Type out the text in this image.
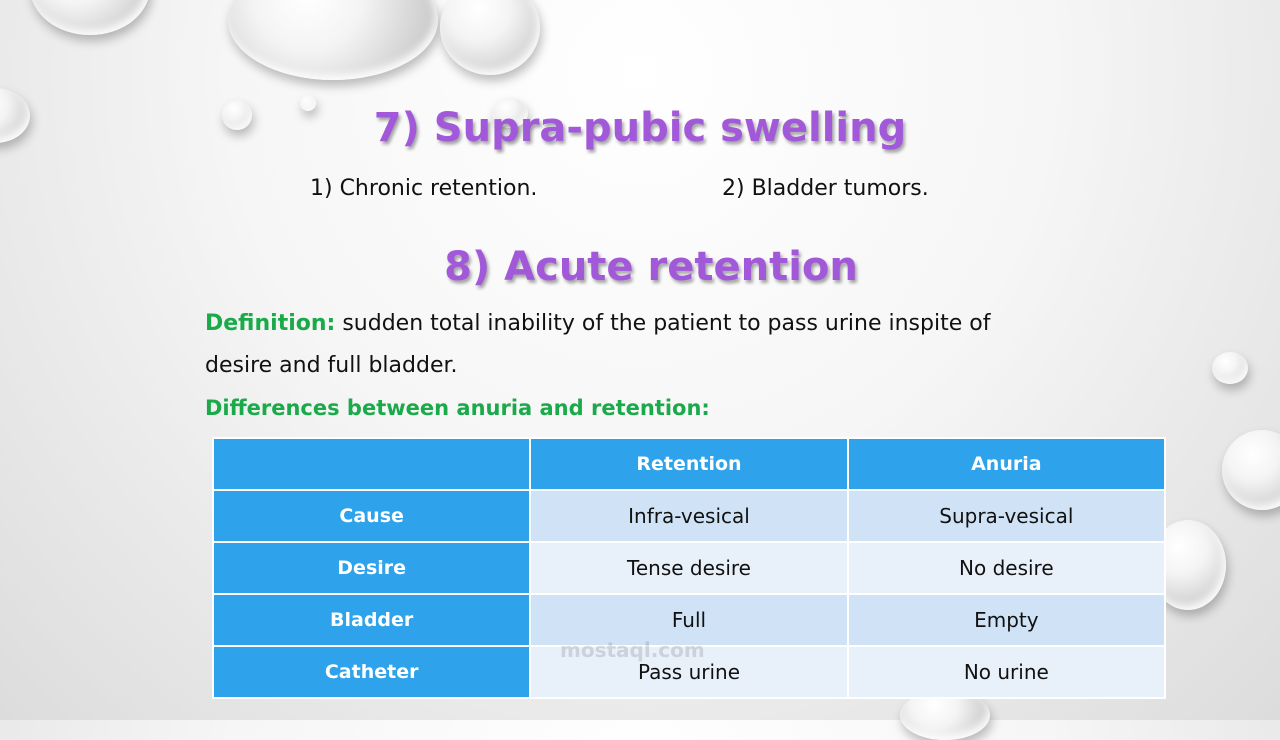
7) Supra-pubic swelling
1) Chronic retention.	2) Bladder tumors.
8) Acute retention
Definition: sudden total inability of the patient to pass urine inspite of
desire and full bladder.
Differences between anuria and retention:
	Retention	Anuria
Cause	Infra-vesical	Supra-vesical
Desire	Tense desire	No desire
Bladder	Full	Empty
Catheter	Pass urine	No urine
mostaql.com
